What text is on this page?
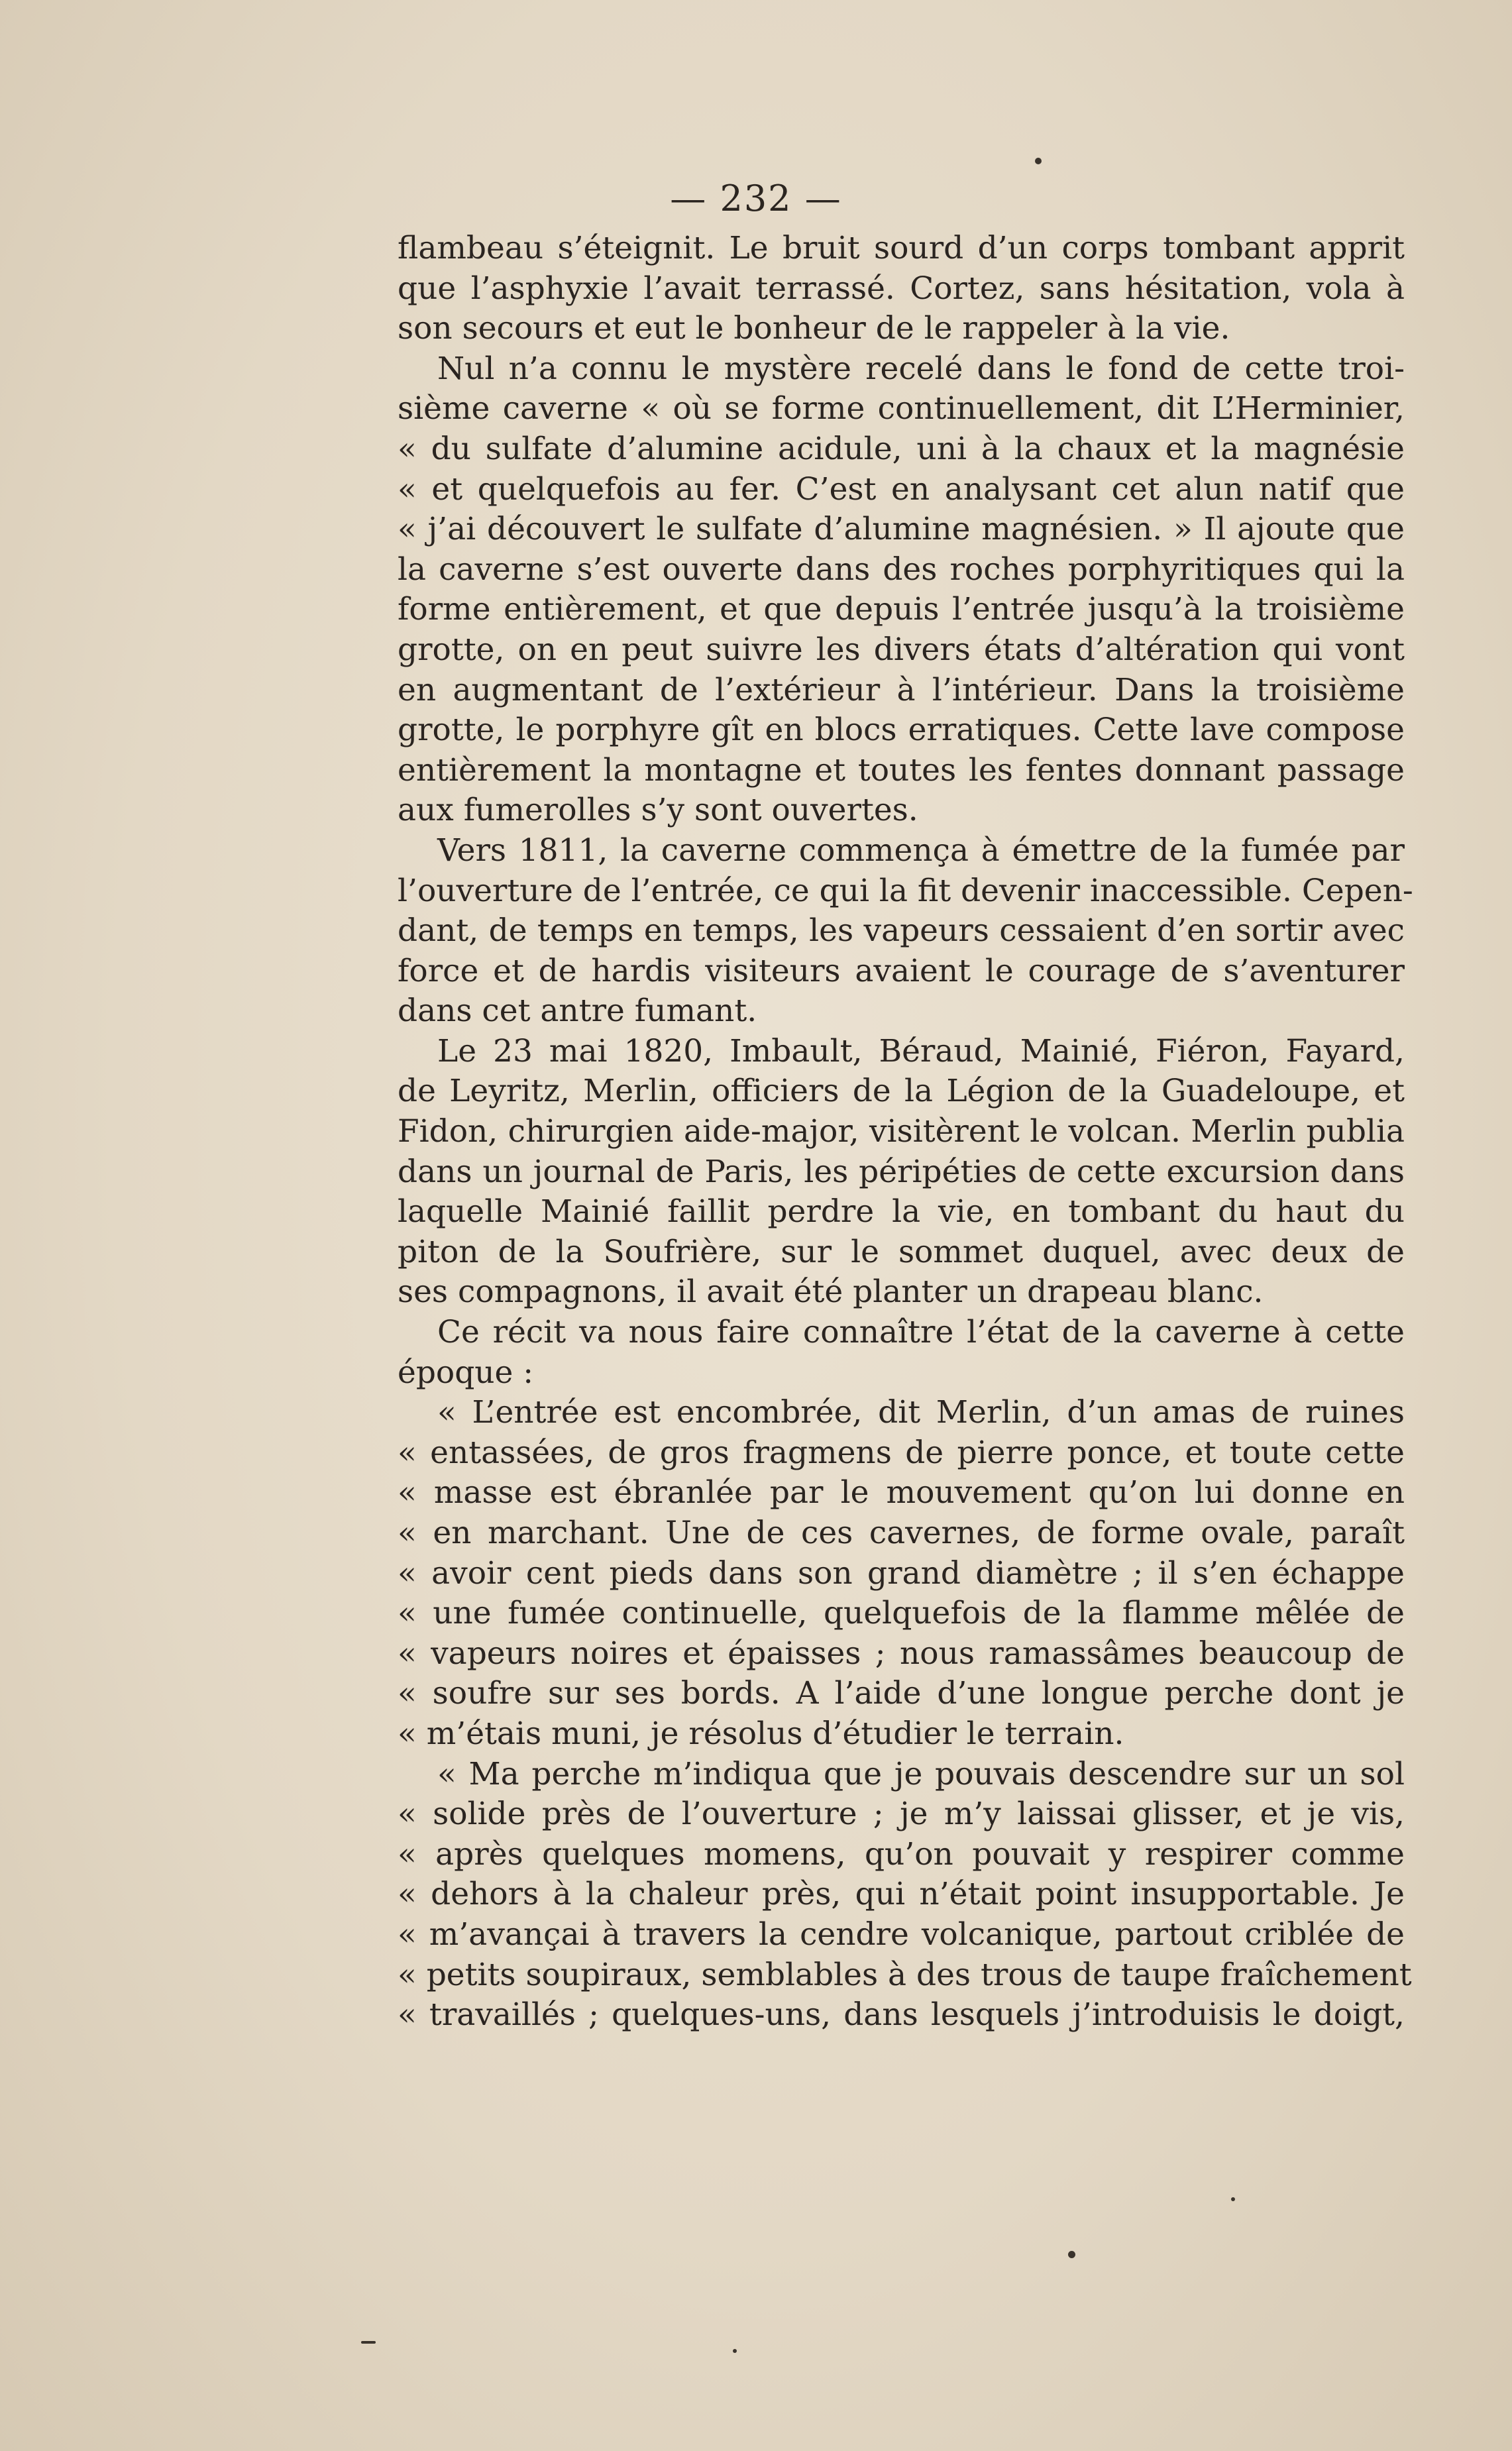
— 232 —
flambeau s’éteignit. Le bruit sourd d’un corps tombant apprit
que l’asphyxie l’avait terrassé. Cortez, sans hésitation, vola à
son secours et eut le bonheur de le rappeler à la vie.
Nul n’a connu le mystère recelé dans le fond de cette troi-
sième caverne « où se forme continuellement, dit L’Herminier,
« du sulfate d’alumine acidule, uni à la chaux et la magnésie
« et quelquefois au fer. C’est en analysant cet alun natif que
« j’ai découvert le sulfate d’alumine magnésien. » Il ajoute que
la caverne s’est ouverte dans des roches porphyritiques qui la
forme entièrement, et que depuis l’entrée jusqu’à la troisième
grotte, on en peut suivre les divers états d’altération qui vont
en augmentant de l’extérieur à l’intérieur. Dans la troisième
grotte, le porphyre gît en blocs erratiques. Cette lave compose
entièrement la montagne et toutes les fentes donnant passage
aux fumerolles s’y sont ouvertes.
Vers 1811, la caverne commença à émettre de la fumée par
l’ouverture de l’entrée, ce qui la fit devenir inaccessible. Cepen-
dant, de temps en temps, les vapeurs cessaient d’en sortir avec
force et de hardis visiteurs avaient le courage de s’aventurer
dans cet antre fumant.
Le 23 mai 1820, Imbault, Béraud, Mainié, Fiéron, Fayard,
de Leyritz, Merlin, officiers de la Légion de la Guadeloupe, et
Fidon, chirurgien aide-major, visitèrent le volcan. Merlin publia
dans un journal de Paris, les péripéties de cette excursion dans
laquelle Mainié faillit perdre la vie, en tombant du haut du
piton de la Soufrière, sur le sommet duquel, avec deux de
ses compagnons, il avait été planter un drapeau blanc.
Ce récit va nous faire connaître l’état de la caverne à cette
époque :
« L’entrée est encombrée, dit Merlin, d’un amas de ruines
« entassées, de gros fragmens de pierre ponce, et toute cette
« masse est ébranlée par le mouvement qu’on lui donne en
« en marchant. Une de ces cavernes, de forme ovale, paraît
« avoir cent pieds dans son grand diamètre ; il s’en échappe
« une fumée continuelle, quelquefois de la flamme mêlée de
« vapeurs noires et épaisses ; nous ramassâmes beaucoup de
« soufre sur ses bords. A l’aide d’une longue perche dont je
« m’étais muni, je résolus d’étudier le terrain.
« Ma perche m’indiqua que je pouvais descendre sur un sol
« solide près de l’ouverture ; je m’y laissai glisser, et je vis,
« après quelques momens, qu’on pouvait y respirer comme
« dehors à la chaleur près, qui n’était point insupportable. Je
« m’avançai à travers la cendre volcanique, partout criblée de
« petits soupiraux, semblables à des trous de taupe fraîchement
« travaillés ; quelques-uns, dans lesquels j’introduisis le doigt,
